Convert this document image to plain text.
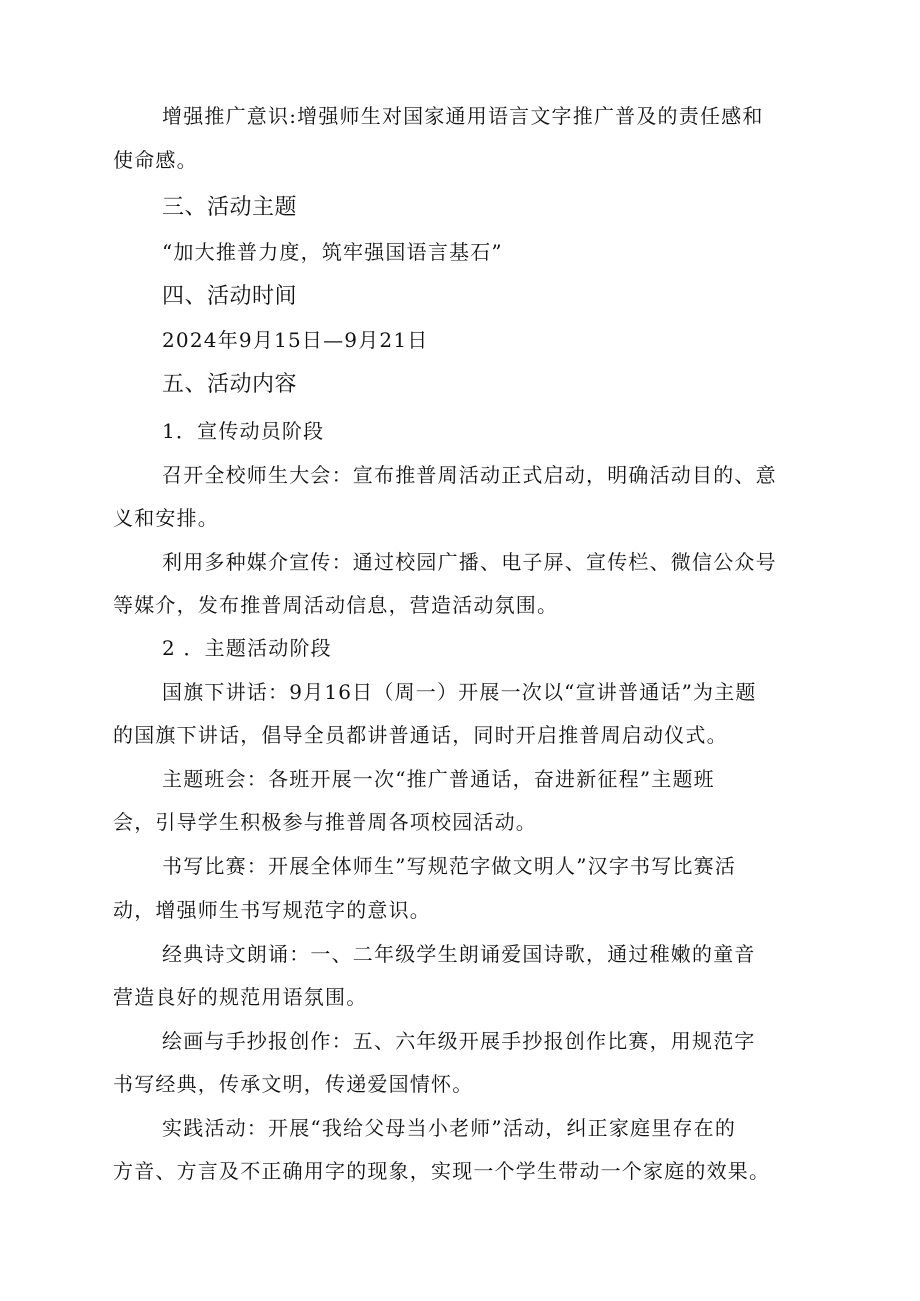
增强推广意识:增强师生对国家通用语言文字推广普及的责任感和
使命感。
三、活动主题
“加大推普力度，筑牢强国语言基石”
四、活动时间
2024年9月15日—9月21日
五、活动内容
1．宣传动员阶段
召开全校师生大会：宣布推普周活动正式启动，明确活动目的、意
义和安排。
利用多种媒介宣传：通过校园广播、电子屏、宣传栏、微信公众号
等媒介，发布推普周活动信息，营造活动氛围。
2 ．主题活动阶段
国旗下讲话：9月16日（周一）开展一次以“宣讲普通话”为主题
的国旗下讲话，倡导全员都讲普通话，同时开启推普周启动仪式。
主题班会：各班开展一次“推广普通话，奋进新征程”主题班
会，引导学生积极参与推普周各项校园活动。
书写比赛：开展全体师生”写规范字做文明人”汉字书写比赛活
动，增强师生书写规范字的意识。
经典诗文朗诵：一、二年级学生朗诵爱国诗歌，通过稚嫩的童音
营造良好的规范用语氛围。
绘画与手抄报创作：五、六年级开展手抄报创作比赛，用规范字
书写经典，传承文明，传递爱国情怀。
实践活动：开展“我给父母当小老师”活动，纠正家庭里存在的
方音、方言及不正确用字的现象，实现一个学生带动一个家庭的效果。
